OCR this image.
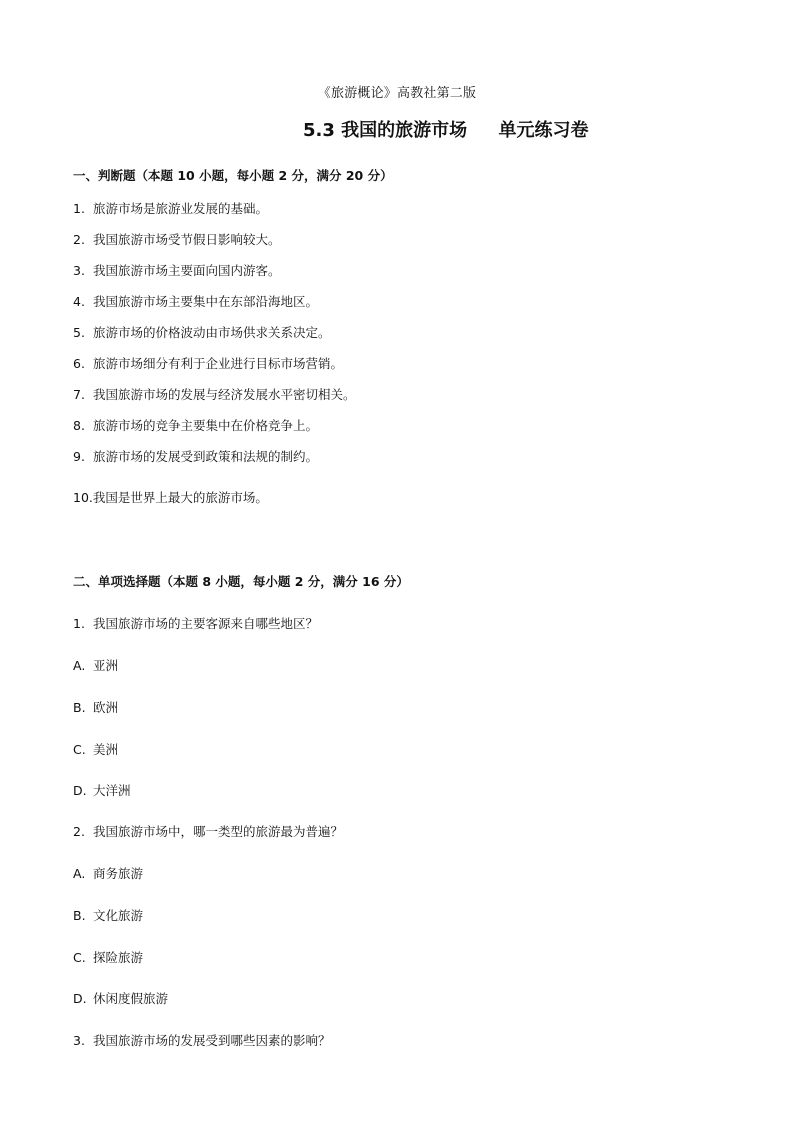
《旅游概论》高教社第二版
5.3 我国的旅游市场     单元练习卷
一、判断题（本题 10 小题，每小题 2 分，满分 20 分）
1. 旅游市场是旅游业发展的基础。
2. 我国旅游市场受节假日影响较大。
3. 我国旅游市场主要面向国内游客。
4. 我国旅游市场主要集中在东部沿海地区。
5. 旅游市场的价格波动由市场供求关系决定。
6. 旅游市场细分有利于企业进行目标市场营销。
7. 我国旅游市场的发展与经济发展水平密切相关。
8. 旅游市场的竞争主要集中在价格竞争上。
9. 旅游市场的发展受到政策和法规的制约。
10.我国是世界上最大的旅游市场。
二、单项选择题（本题 8 小题，每小题 2 分，满分 16 分）
1. 我国旅游市场的主要客源来自哪些地区？
A. 亚洲
B. 欧洲
C. 美洲
D. 大洋洲
2. 我国旅游市场中，哪一类型的旅游最为普遍？
A. 商务旅游
B. 文化旅游
C. 探险旅游
D. 休闲度假旅游
3. 我国旅游市场的发展受到哪些因素的影响？
